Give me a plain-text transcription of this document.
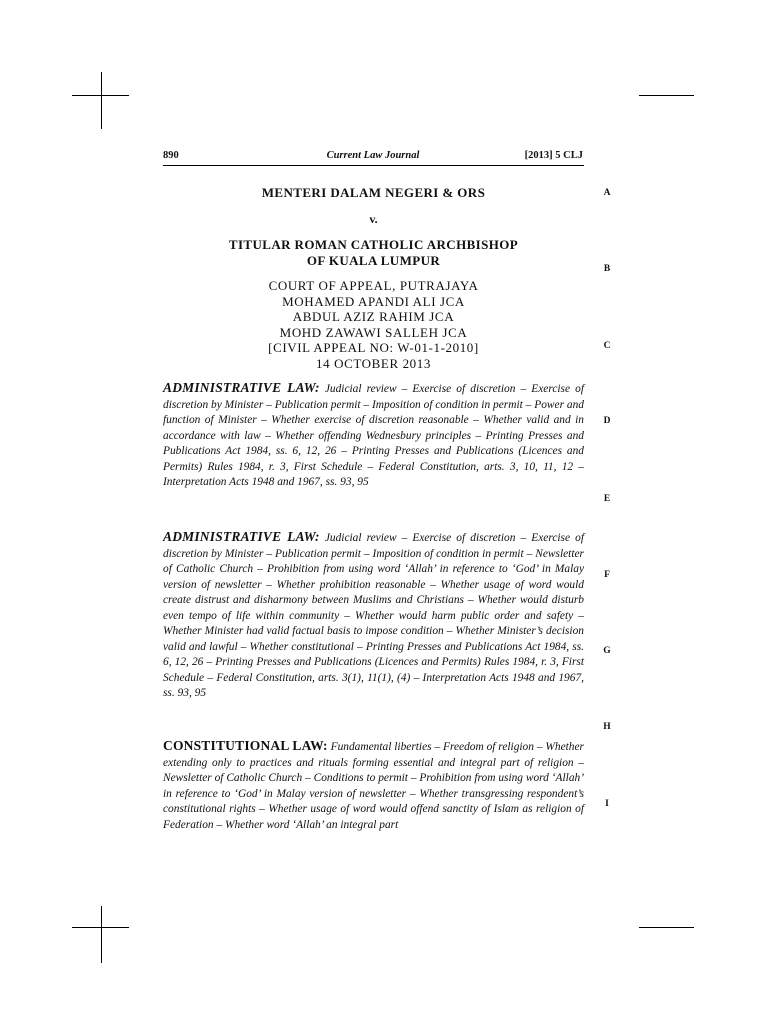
890	Current Law Journal	[2013] 5 CLJ
MENTERI DALAM NEGERI & ORS
v.
TITULAR ROMAN CATHOLIC ARCHBISHOP
OF KUALA LUMPUR
COURT OF APPEAL, PUTRAJAYA
MOHAMED APANDI ALI JCA
ABDUL AZIZ RAHIM JCA
MOHD ZAWAWI SALLEH JCA
[CIVIL APPEAL NO: W-01-1-2010]
14 OCTOBER 2013

ADMINISTRATIVE LAW: Judicial review – Exercise of discretion – Exercise of discretion by Minister – Publication permit – Imposition of condition in permit – Power and function of Minister – Whether exercise of discretion reasonable – Whether valid and in accordance with law – Whether offending Wednesbury principles – Printing Presses and Publications Act 1984, ss. 6, 12, 26 – Printing Presses and Publications (Licences and Permits) Rules 1984, r. 3, First Schedule – Federal Constitution, arts. 3, 10, 11, 12 – Interpretation Acts 1948 and 1967, ss. 93, 95

ADMINISTRATIVE LAW: Judicial review – Exercise of discretion – Exercise of discretion by Minister – Publication permit – Imposition of condition in permit – Newsletter of Catholic Church – Prohibition from using word ‘Allah’ in reference to ‘God’ in Malay version of newsletter – Whether prohibition reasonable – Whether usage of word would create distrust and disharmony between Muslims and Christians – Whether would disturb even tempo of life within community – Whether would harm public order and safety – Whether Minister had valid factual basis to impose condition – Whether Minister’s decision valid and lawful – Whether constitutional – Printing Presses and Publications Act 1984, ss. 6, 12, 26 – Printing Presses and Publications (Licences and Permits) Rules 1984, r. 3, First Schedule – Federal Constitution, arts. 3(1), 11(1), (4) – Interpretation Acts 1948 and 1967, ss. 93, 95

CONSTITUTIONAL LAW: Fundamental liberties – Freedom of religion – Whether extending only to practices and rituals forming essential and integral part of religion – Newsletter of Catholic Church – Conditions to permit – Prohibition from using word ‘Allah’ in reference to ‘God’ in Malay version of newsletter – Whether transgressing respondent’s constitutional rights – Whether usage of word would offend sanctity of Islam as religion of Federation – Whether word ‘Allah’ an integral part

A
B
C
D
E
F
G
H
I
